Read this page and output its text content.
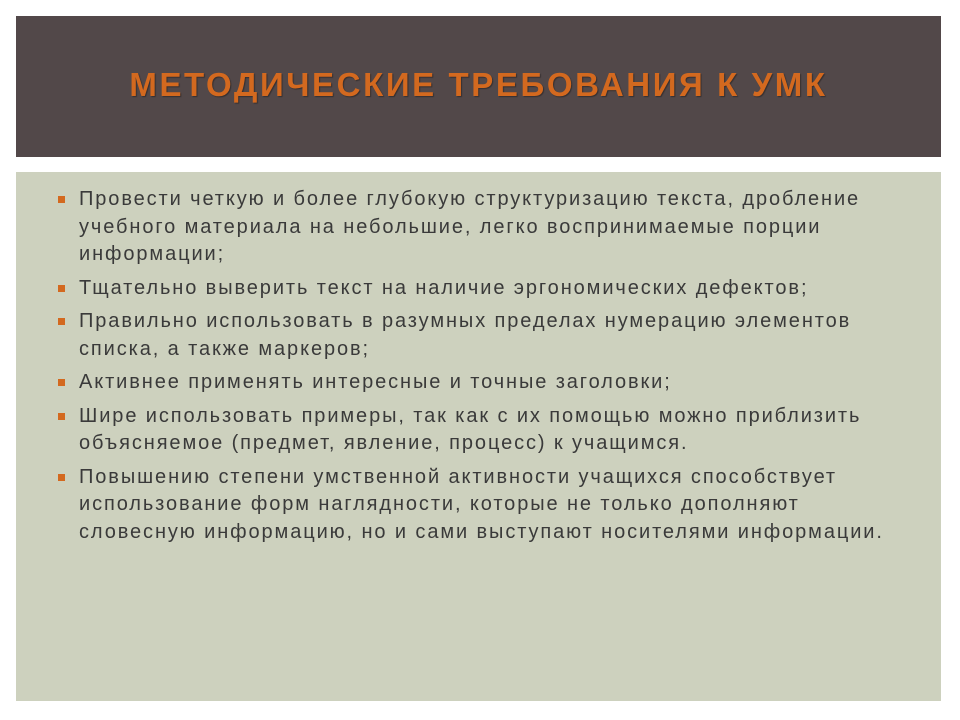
МЕТОДИЧЕСКИЕ ТРЕБОВАНИЯ К УМК
Провести четкую и более глубокую структуризацию текста, дробление учебного материала на небольшие, легко воспринимаемые порции информации;
Тщательно выверить текст на наличие эргономических дефектов;
Правильно использовать в разумных пределах нумерацию элементов списка, а также маркеров;
Активнее применять интересные и точные заголовки;
Шире использовать примеры, так как с их помощью можно приблизить объясняемое (предмет, явление, процесс) к учащимся.
Повышению степени умственной активности учащихся способствует использование форм наглядности, которые не только дополняют словесную информацию, но и сами выступают носителями информации.
